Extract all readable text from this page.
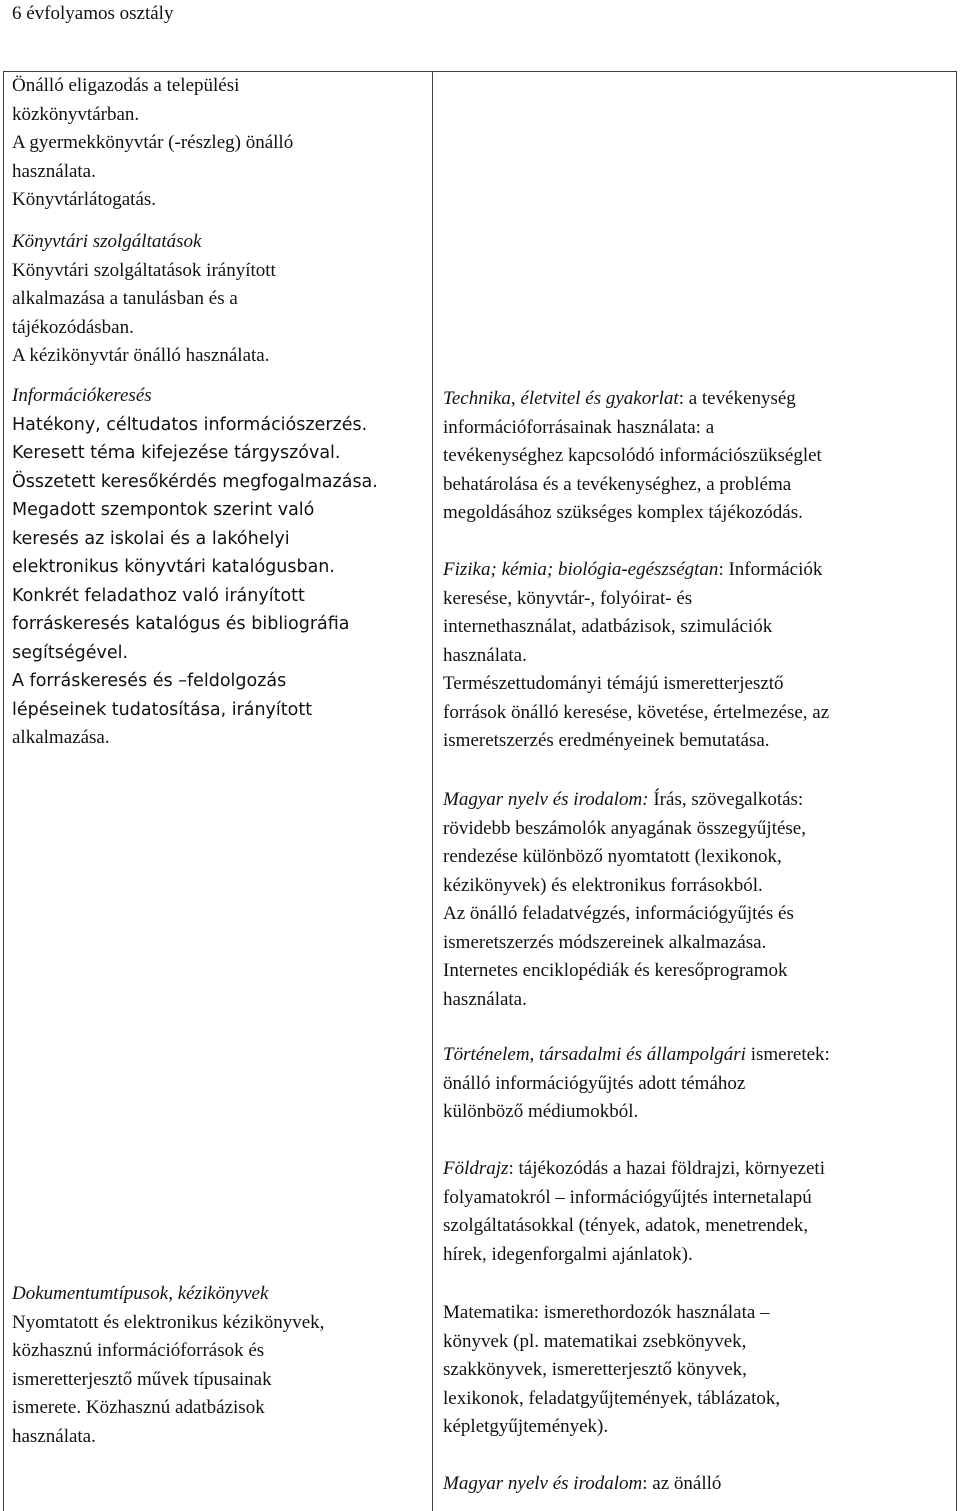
6 évfolyamos osztály
Önálló eligazodás a települési
közkönyvtárban.
A gyermekkönyvtár (-részleg) önálló
használata.
Könyvtárlátogatás.
Könyvtári szolgáltatások
Könyvtári szolgáltatások irányított
alkalmazása a tanulásban és a
tájékozódásban.
A kézikönyvtár önálló használata.
Információkeresés
Hatékony, céltudatos információszerzés.
Keresett téma kifejezése tárgyszóval.
Összetett keresőkérdés megfogalmazása.
Megadott szempontok szerint való
keresés az iskolai és a lakóhelyi
elektronikus könyvtári katalógusban.
Konkrét feladathoz való irányított
forráskeresés katalógus és bibliográfia
segítségével.
A forráskeresés és –feldolgozás
lépéseinek tudatosítása, irányított
alkalmazása.
Dokumentumtípusok, kézikönyvek
Nyomtatott és elektronikus kézikönyvek,
közhasznú információforrások és
ismeretterjesztő művek típusainak
ismerete. Közhasznú adatbázisok
használata.
Technika, életvitel és gyakorlat: a tevékenység
információforrásainak használata: a
tevékenységhez kapcsolódó információszükséglet
behatárolása és a tevékenységhez, a probléma
megoldásához szükséges komplex tájékozódás.
Fizika; kémia; biológia-egészségtan: Információk
keresése, könyvtár-, folyóirat- és
internethasználat, adatbázisok, szimulációk
használata.
Természettudományi témájú ismeretterjesztő
források önálló keresése, követése, értelmezése, az
ismeretszerzés eredményeinek bemutatása.
Magyar nyelv és irodalom: Írás, szövegalkotás:
rövidebb beszámolók anyagának összegyűjtése,
rendezése különböző nyomtatott (lexikonok,
kézikönyvek) és elektronikus forrásokból.
Az önálló feladatvégzés, információgyűjtés és
ismeretszerzés módszereinek alkalmazása.
Internetes enciklopédiák és keresőprogramok
használata.
Történelem, társadalmi és állampolgári ismeretek:
önálló információgyűjtés adott témához
különböző médiumokból.
Földrajz: tájékozódás a hazai földrajzi, környezeti
folyamatokról – információgyűjtés internetalapú
szolgáltatásokkal (tények, adatok, menetrendek,
hírek, idegenforgalmi ajánlatok).
Matematika: ismerethordozók használata –
könyvek (pl. matematikai zsebkönyvek,
szakkönyvek, ismeretterjesztő könyvek,
lexikonok, feladatgyűjtemények, táblázatok,
képletgyűjtemények).
Magyar nyelv és irodalom: az önálló
